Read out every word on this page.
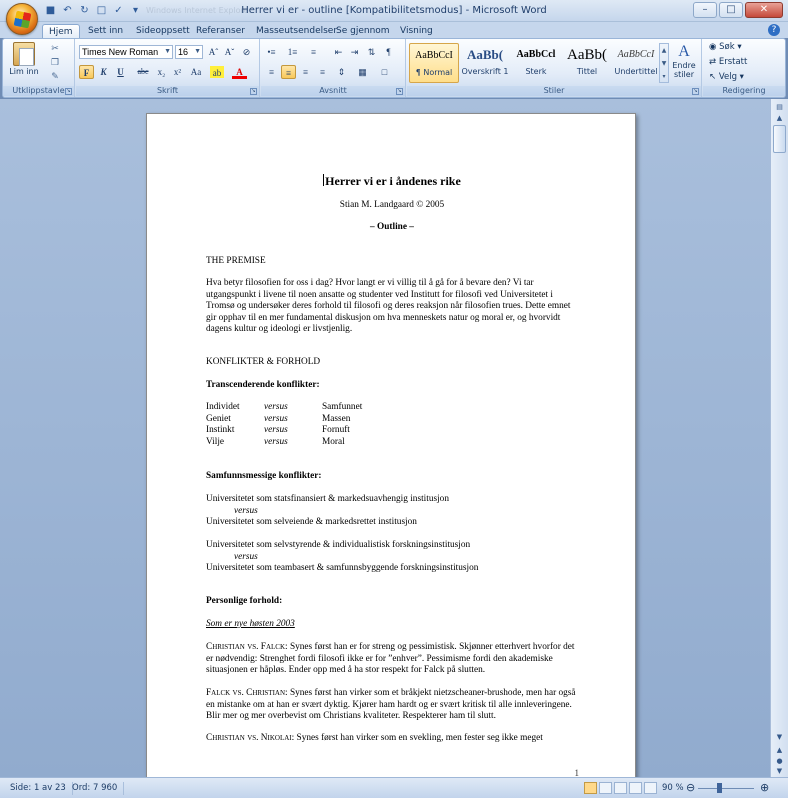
■ ↶ ↻ □ ✓	▾ Windows Internet Explorer
Herrer vi er - outline [Kompatibilitetsmodus] - Microsoft Word	–	□	✕
Hjem	Sett inn	Sideoppsett Referanser	Masseutsendelser
Se gjennom	Visning	?
Lim inn
✂
❐
✎
Utklippstavle ↘
Times New Roman ▼ 16 ▼ Aˆ Aˇ ⊘
F	K	U	abc	x₂ x²	Aa	ab	A
Skrift	↘
•≡	1≡	≡	⇤ ⇥	⇅	¶
≡	≡	≡	≡	⇕	▦	□
Avsnitt	↘	Stiler	↘
AaBbCcI
¶ Normal
AaBb(
Overskrift 1
AaBbCcl
Sterk
AaBb(
Tittel
AaBbCcI
Undertittel
▲
▼
▾
A
Endre stiler
◉ Søk ▾
⇄ Erstatt
↖ Velg ▾
Redigering
Herrer vi er i åndenes rike
Stian M. Landgaard © 2005
– Outline –
THE PREMISE
Hva betyr filosofien for oss i dag? Hvor langt er vi villig til å gå for å bevare den? Vi tar utgangspunkt i livene til noen ansatte og studenter ved Institutt for filosofi ved Universitetet i Tromsø og undersøker deres forhold til filosofi og deres reaksjon når filosofien trues. Dette emnet gir opphav til en mer fundamental diskusjon om hva menneskets natur og moral er, og hvorvidt dagens kultur og ideologi er livstjenlig.
KONFLIKTER & FORHOLD
Transcenderende konflikter:
Individet	versus	Samfunnet
Geniet	versus	Massen
Instinkt	versus	Fornuft
Vilje	versus	Moral
Samfunnsmessige konflikter:
Universitetet som statsfinansiert & markedsuavhengig institusjon
versus
Universitetet som selveiende & markedsrettet institusjon
Universitetet som selvstyrende & individualistisk forskningsinstitusjon
versus
Universitetet som teambasert & samfunnsbyggende forskningsinstitusjon
Personlige forhold:
Som er nye høsten 2003
Christian vs. Falck: Synes først han er for streng og pessimistisk. Skjønner etterhvert hvorfor det er nødvendig: Strenghet fordi filosofi ikke er for ”enhver”. Pessimisme fordi den akademiske situasjonen er håpløs. Ender opp med å ha stor respekt for Falck på slutten.
Falck vs. Christian: Synes først han virker som et bråkjekt nietzscheaner-brushode, men har også en mistanke om at han er svært dyktig. Kjører ham hardt og er svært kritisk til alle innleveringene. Blir mer og mer overbevist om Christians kvaliteter. Respekterer ham til slutt.
Christian vs. Nikolai: Synes først han virker som en svekling, men fester seg ikke meget
1
▤
▲
▼
▲
●
▼
Side: 1 av 23 Ord: 7 960	90 % ⊖	⊕
